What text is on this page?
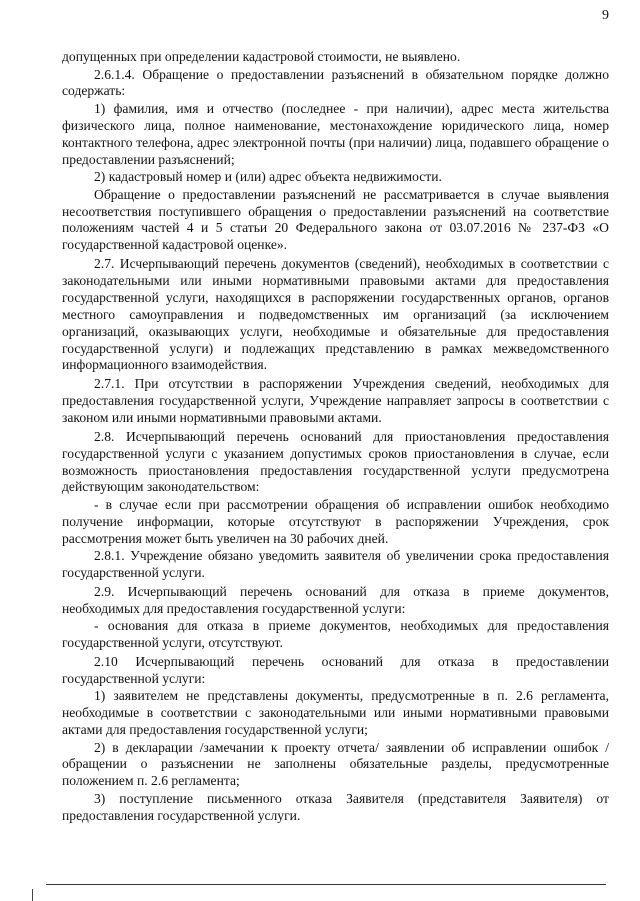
9

допущенных при определении кадастровой стоимости, не выявлено.

2.6.1.4. Обращение о предоставлении разъяснений в обязательном порядке должно содержать:

1) фамилия, имя и отчество (последнее - при наличии), адрес места жительства физического лица, полное наименование, местонахождение юридического лица, номер контактного телефона, адрес электронной почты (при наличии) лица, подавшего обращение о предоставлении разъяснений;

2) кадастровый номер и (или) адрес объекта недвижимости.

Обращение о предоставлении разъяснений не рассматривается в случае выявления несоответствия поступившего обращения о предоставлении разъяснений на соответствие положениям частей 4 и 5 статьи 20 Федерального закона от 03.07.2016 № 237-ФЗ «О государственной кадастровой оценке».

2.7. Исчерпывающий перечень документов (сведений), необходимых в соответствии с законодательными или иными нормативными правовыми актами для предоставления государственной услуги, находящихся в распоряжении государственных органов, органов местного самоуправления и подведомственных им организаций (за исключением организаций, оказывающих услуги, необходимые и обязательные для предоставления государственной услуги) и подлежащих представлению в рамках межведомственного информационного взаимодействия.

2.7.1. При отсутствии в распоряжении Учреждения сведений, необходимых для предоставления государственной услуги, Учреждение направляет запросы в соответствии с законом или иными нормативными правовыми актами.

2.8. Исчерпывающий перечень оснований для приостановления предоставления государственной услуги с указанием допустимых сроков приостановления в случае, если возможность приостановления предоставления государственной услуги предусмотрена действующим законодательством:

- в случае если при рассмотрении обращения об исправлении ошибок необходимо получение информации, которые отсутствуют в распоряжении Учреждения, срок рассмотрения может быть увеличен на 30 рабочих дней.

2.8.1. Учреждение обязано уведомить заявителя об увеличении срока предоставления государственной услуги.

2.9. Исчерпывающий перечень оснований для отказа в приеме документов, необходимых для предоставления государственной услуги:

- основания для отказа в приеме документов, необходимых для предоставления государственной услуги, отсутствуют.

2.10 Исчерпывающий перечень оснований для отказа в предоставлении государственной услуги:

1) заявителем не представлены документы, предусмотренные в п. 2.6 регламента, необходимые в соответствии с законодательными или иными нормативными правовыми актами для предоставления государственной услуги;

2) в декларации /замечании к проекту отчета/ заявлении об исправлении ошибок /обращении о разъяснении не заполнены обязательные разделы, предусмотренные положением п. 2.6 регламента;

3) поступление письменного отказа Заявителя (представителя Заявителя) от предоставления государственной услуги.
